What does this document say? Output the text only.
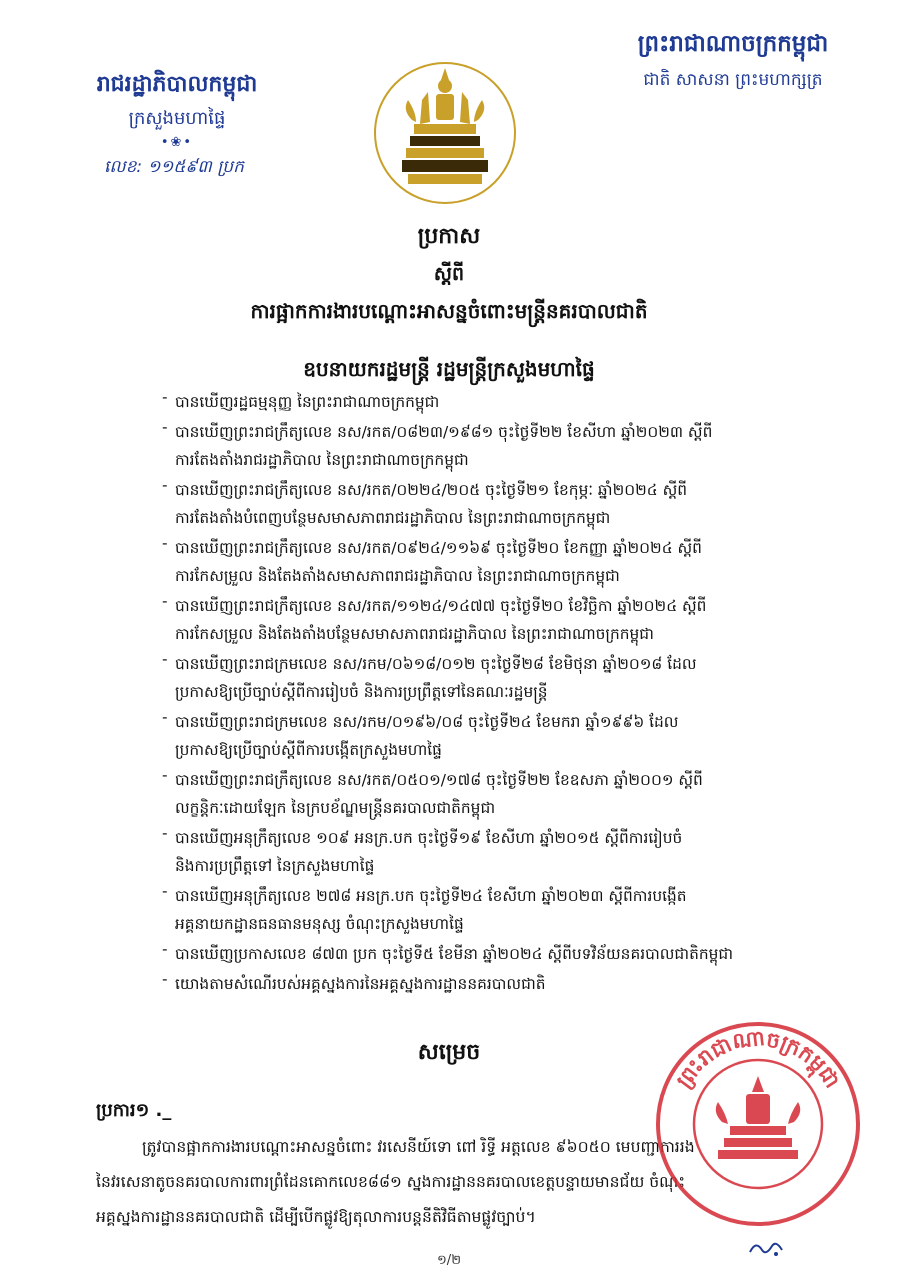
រាជរដ្ឋាភិបាលកម្ពុជា
ក្រសួងមហាផ្ទៃ
•❀•
លេខ: ១១៥៩៣ ប្រក
ព្រះរាជាណាចក្រកម្ពុជា
ជាតិ សាសនា ព្រះមហាក្សត្រ
ប្រកាស
ស្តីពី
ការផ្អាកការងារបណ្តោះអាសន្នចំពោះមន្ត្រីនគរបាលជាតិ
ឧបនាយករដ្ឋមន្ត្រី រដ្ឋមន្ត្រីក្រសួងមហាផ្ទៃ
- បានឃើញរដ្ឋធម្មនុញ្ញ នៃព្រះរាជាណាចក្រកម្ពុជា
- បានឃើញព្រះរាជក្រឹត្យលេខ នស/រកត/០៨២៣/១៩៨១ ចុះថ្ងៃទី២២ ខែសីហា ឆ្នាំ២០២៣ ស្តីពី
ការតែងតាំងរាជរដ្ឋាភិបាល នៃព្រះរាជាណាចក្រកម្ពុជា
- បានឃើញព្រះរាជក្រឹត្យលេខ នស/រកត/០២២៤/២០៥ ចុះថ្ងៃទី២១ ខែកុម្ភៈ ឆ្នាំ២០២៤ ស្តីពី
ការតែងតាំងបំពេញបន្ថែមសមាសភាពរាជរដ្ឋាភិបាល នៃព្រះរាជាណាចក្រកម្ពុជា
- បានឃើញព្រះរាជក្រឹត្យលេខ នស/រកត/០៩២៤/១១៦៩ ចុះថ្ងៃទី២០ ខែកញ្ញា ឆ្នាំ២០២៤ ស្តីពី
ការកែសម្រួល និងតែងតាំងសមាសភាពរាជរដ្ឋាភិបាល នៃព្រះរាជាណាចក្រកម្ពុជា
- បានឃើញព្រះរាជក្រឹត្យលេខ នស/រកត/១១២៤/១៤៧៧ ចុះថ្ងៃទី២០ ខែវិច្ឆិកា ឆ្នាំ២០២៤ ស្តីពី
ការកែសម្រួល និងតែងតាំងបន្ថែមសមាសភាពរាជរដ្ឋាភិបាល នៃព្រះរាជាណាចក្រកម្ពុជា
- បានឃើញព្រះរាជក្រមលេខ នស/រកម/០៦១៨/០១២ ចុះថ្ងៃទី២៨ ខែមិថុនា ឆ្នាំ២០១៨ ដែល
ប្រកាសឱ្យប្រើច្បាប់ស្តីពីការរៀបចំ និងការប្រព្រឹត្តទៅនៃគណៈរដ្ឋមន្ត្រី
- បានឃើញព្រះរាជក្រមលេខ នស/រកម/០១៩៦/០៨ ចុះថ្ងៃទី២៤ ខែមករា ឆ្នាំ១៩៩៦ ដែល
ប្រកាសឱ្យប្រើច្បាប់ស្តីពីការបង្កើតក្រសួងមហាផ្ទៃ
- បានឃើញព្រះរាជក្រឹត្យលេខ នស/រកត/០៥០១/១៧៨ ចុះថ្ងៃទី២២ ខែឧសភា ឆ្នាំ២០០១ ស្តីពី
លក្ខន្តិកៈដោយឡែក នៃក្របខ័ណ្ឌមន្ត្រីនគរបាលជាតិកម្ពុជា
- បានឃើញអនុក្រឹត្យលេខ ១០៩ អនក្រ.បក ចុះថ្ងៃទី១៩ ខែសីហា ឆ្នាំ២០១៥ ស្តីពីការរៀបចំ
និងការប្រព្រឹត្តទៅ នៃក្រសួងមហាផ្ទៃ
- បានឃើញអនុក្រឹត្យលេខ ២៧៨ អនក្រ.បក ចុះថ្ងៃទី២៤ ខែសីហា ឆ្នាំ២០២៣ ស្តីពីការបង្កើត
អគ្គនាយកដ្ឋានធនធានមនុស្ស ចំណុះក្រសួងមហាផ្ទៃ
- បានឃើញប្រកាសលេខ ៨៧៣ ប្រក ចុះថ្ងៃទី៥ ខែមីនា ឆ្នាំ២០២៤ ស្តីពីបទវិន័យនគរបាលជាតិកម្ពុជា
- យោងតាមសំណើរបស់អគ្គស្នងការនៃអគ្គស្នងការដ្ឋាននគរបាលជាតិ
សម្រេច
ប្រការ១ ._
ត្រូវបានផ្អាកការងារបណ្តោះអាសន្នចំពោះ វរសេនីយ៍ទោ ពៅ រិទ្ធី អត្តលេខ ៩៦០៥០ មេបញ្ជាការរង
នៃវរសេនាតូចនគរបាលការពារព្រំដែនគោកលេខ៨៨១ ស្នងការដ្ឋាននគរបាលខេត្តបន្ទាយមានជ័យ ចំណុះ
អគ្គស្នងការដ្ឋាននគរបាលជាតិ ដើម្បីបើកផ្លូវឱ្យតុលាការបន្តនីតិវិធីតាមផ្លូវច្បាប់។
ព្រះរាជាណាចក្រកម្ពុជា
១/២
